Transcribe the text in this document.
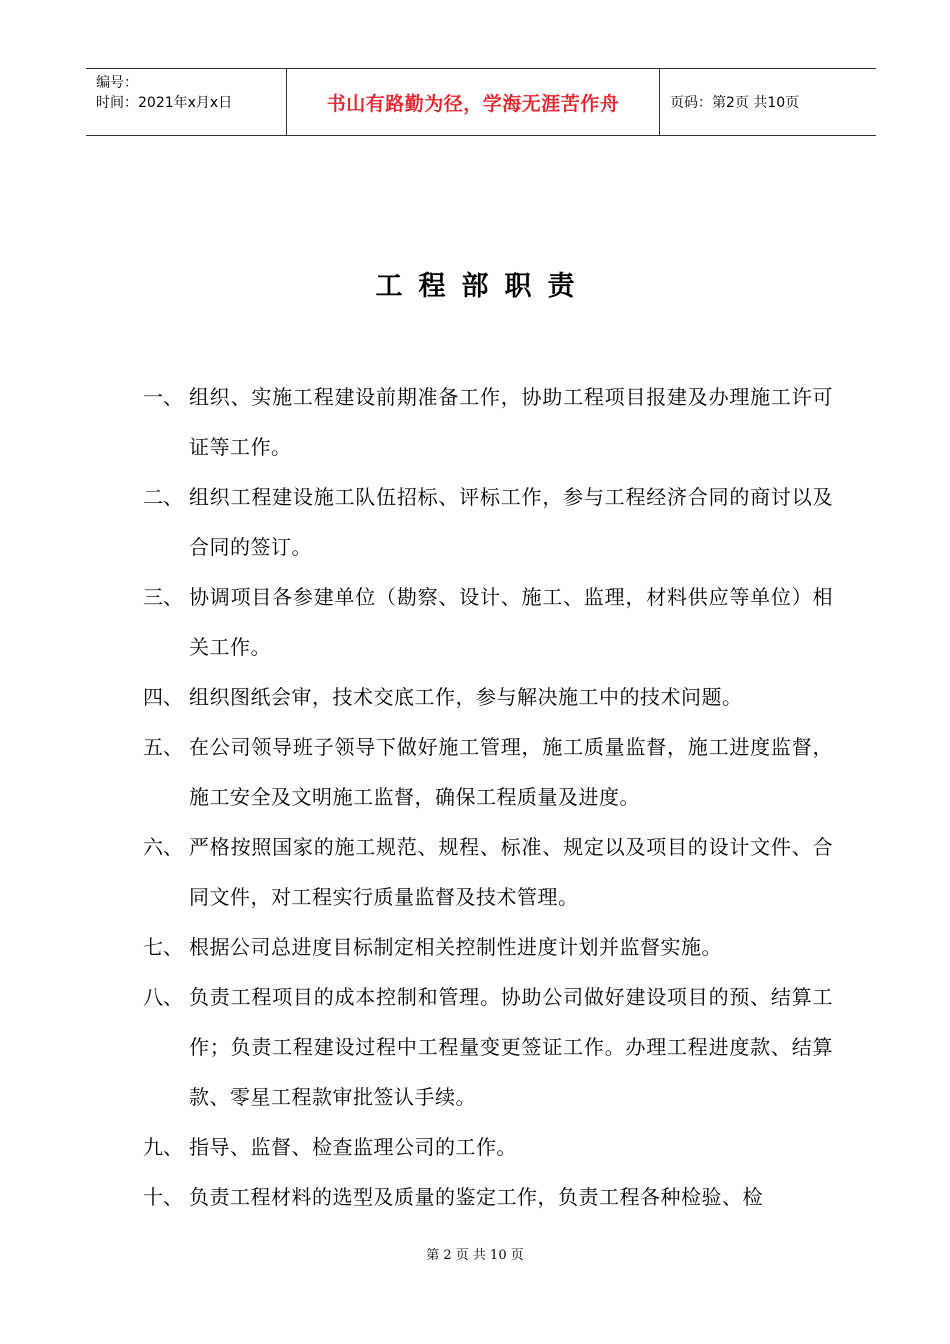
编号：
时间：2021年x月x日	书山有路勤为径，学海无涯苦作舟	页码：第2页 共10页
工程部职责
一、 组织、实施工程建设前期准备工作，协助工程项目报建及办理施工许可证等工作。
二、 组织工程建设施工队伍招标、评标工作，参与工程经济合同的商讨以及合同的签订。
三、 协调项目各参建单位（勘察、设计、施工、监理，材料供应等单位）相关工作。
四、 组织图纸会审，技术交底工作，参与解决施工中的技术问题。
五、 在公司领导班子领导下做好施工管理，施工质量监督，施工进度监督，施工安全及文明施工监督，确保工程质量及进度。
六、 严格按照国家的施工规范、规程、标准、规定以及项目的设计文件、合同文件，对工程实行质量监督及技术管理。
七、 根据公司总进度目标制定相关控制性进度计划并监督实施。
八、 负责工程项目的成本控制和管理。协助公司做好建设项目的预、结算工作；负责工程建设过程中工程量变更签证工作。办理工程进度款、结算款、零星工程款审批签认手续。
九、 指导、监督、检查监理公司的工作。
十、 负责工程材料的选型及质量的鉴定工作，负责工程各种检验、检
第 2 页 共 10 页
